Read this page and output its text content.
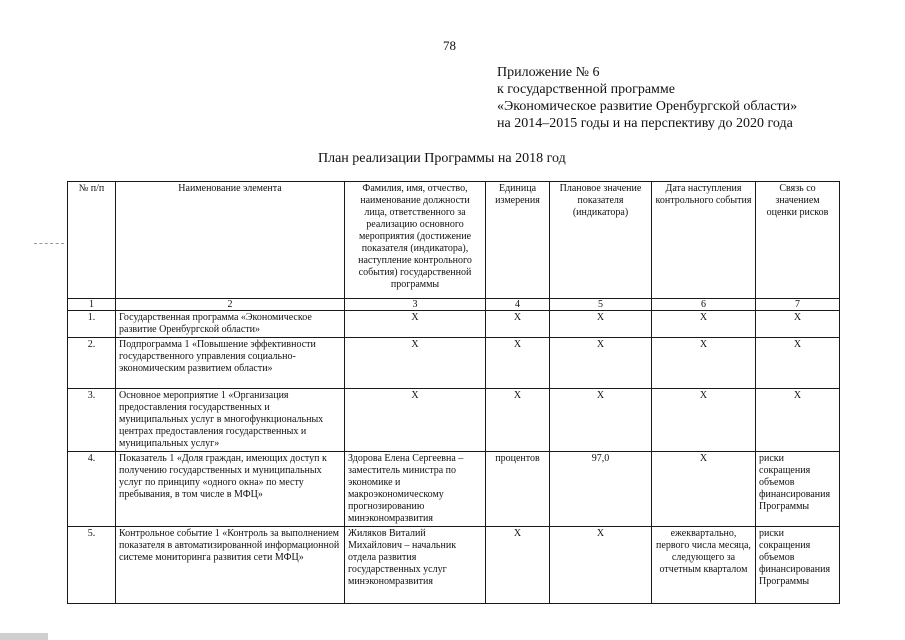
78
Приложение № 6
к государственной программе
«Экономическое развитие Оренбургской области»
на 2014–2015 годы и на перспективу до 2020 года
План реализации Программы на 2018 год
№ п/п	Наименование элемента	Фамилия, имя, отчество, наименование должности лица, ответственного за реализацию основного мероприятия (достижение показателя (индикатора), наступление контрольного события) государственной программы	Единица измерения	Плановое значение показателя (индикатора)	Дата наступления контрольного события	Связь со значением оценки рисков
1	2	3	4	5	6	7
1.	Государственная программа «Экономическое развитие Оренбургской области»	Х	Х	Х	Х	Х
2.	Подпрограмма 1 «Повышение эффективности государственного управления социально-экономическим развитием области»	Х	Х	Х	Х	Х
3.	Основное мероприятие 1 «Организация предоставления государственных и муниципальных услуг в многофункциональных центрах предоставления государственных и муниципальных услуг»	Х	Х	Х	Х	Х
4.	Показатель 1 «Доля граждан, имеющих доступ к получению государственных и муниципальных услуг по принципу «одного окна» по месту пребывания, в том числе в МФЦ»	Здорова Елена Сергеевна – заместитель министра по экономике и макроэкономическому прогнозированию минэкономразвития	процентов	97,0	Х	риски сокращения объемов финансирования Программы
5.	Контрольное событие 1 «Контроль за выполнением показателя в автоматизированной информационной системе мониторинга развития сети МФЦ»	Жилякoв Виталий Михайлович – начальник отдела развития государственных услуг минэкономразвития	Х	Х	ежеквартально, первого числа месяца, следующего за отчетным кварталом	риски сокращения объемов финансирования Программы
